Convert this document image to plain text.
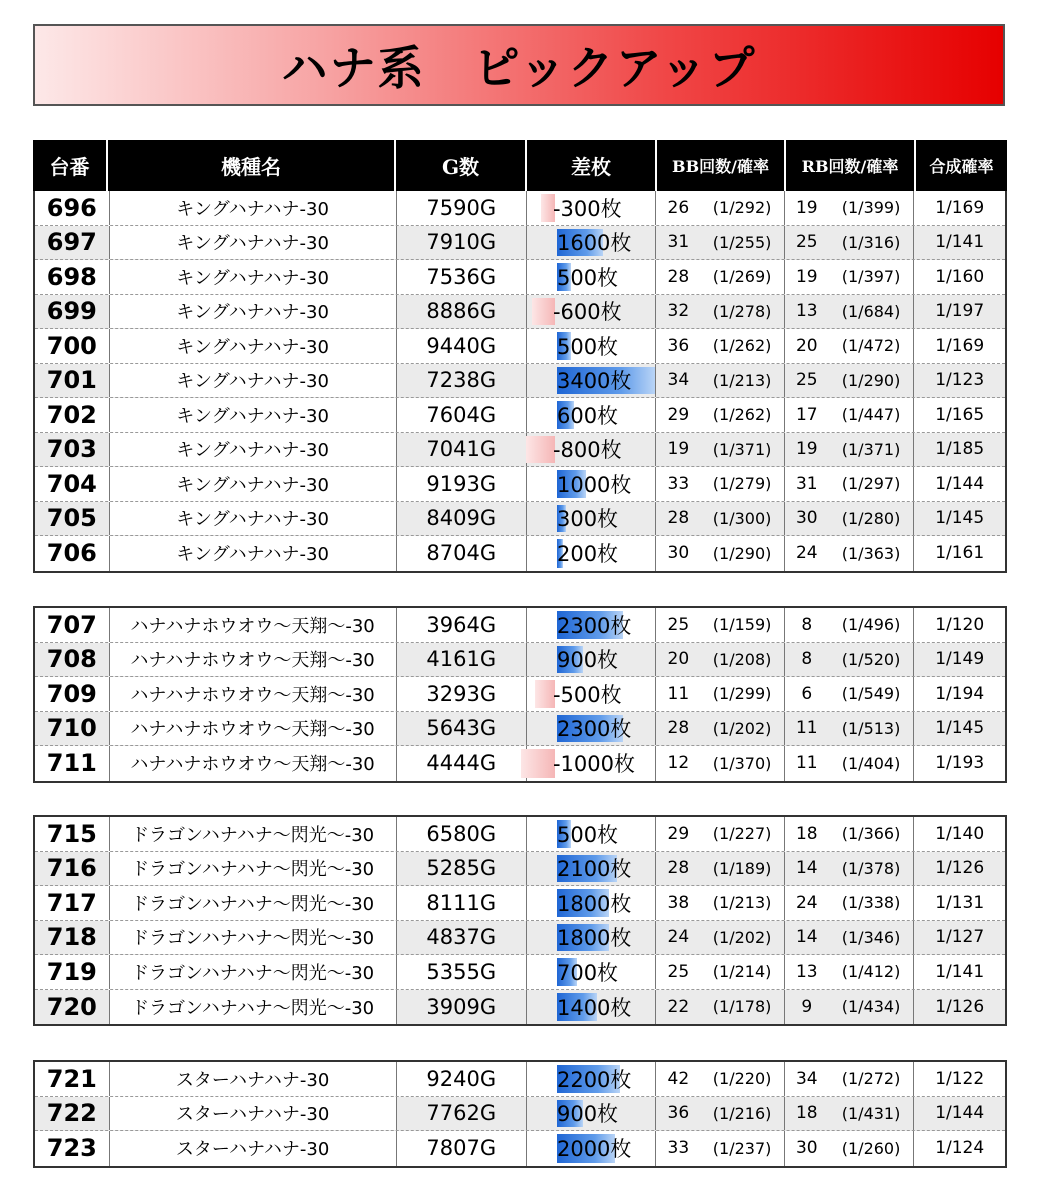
ハナ系　ピックアップ
台番	機種名	G数	差枚	BB回数/確率	RB回数/確率	合成確率
696	キングハナハナ-30	7590G	-300枚	26 (1/292) 19 (1/399) 1/169
697	キングハナハナ-30	7910G	1600枚 31 (1/255) 25 (1/316) 1/141
698	キングハナハナ-30	7536G	500枚	28 (1/269) 19 (1/397) 1/160
699	キングハナハナ-30	8886G	-600枚	32 (1/278) 13 (1/684) 1/197
700	キングハナハナ-30	9440G	500枚	36 (1/262) 20 (1/472) 1/169
701	キングハナハナ-30	7238G	3400枚 34 (1/213) 25 (1/290) 1/123
702	キングハナハナ-30	7604G	600枚	29 (1/262) 17 (1/447) 1/165
703	キングハナハナ-30	7041G	-800枚	19 (1/371) 19 (1/371) 1/185
704	キングハナハナ-30	9193G	1000枚 33 (1/279) 31 (1/297) 1/144
705	キングハナハナ-30	8409G	300枚	28 (1/300) 30 (1/280) 1/145
706	キングハナハナ-30	8704G	200枚	30 (1/290) 24 (1/363) 1/161
707 ハナハナホウオウ〜天翔〜-30 3964G	2300枚 25 (1/159) 8 (1/496) 1/120
708 ハナハナホウオウ〜天翔〜-30 4161G	900枚	20 (1/208) 8 (1/520) 1/149
709 ハナハナホウオウ〜天翔〜-30 3293G	-500枚	11 (1/299) 6 (1/549) 1/194
710 ハナハナホウオウ〜天翔〜-30 5643G	2300枚 28 (1/202) 11 (1/513) 1/145
711 ハナハナホウオウ〜天翔〜-30 4444G	-1000枚 12 (1/370) 11 (1/404) 1/193
715 ドラゴンハナハナ〜閃光〜-30 6580G	500枚	29 (1/227) 18 (1/366) 1/140
716 ドラゴンハナハナ〜閃光〜-30 5285G	2100枚 28 (1/189) 14 (1/378) 1/126
717 ドラゴンハナハナ〜閃光〜-30 8111G	1800枚 38 (1/213) 24 (1/338) 1/131
718 ドラゴンハナハナ〜閃光〜-30 4837G	1800枚 24 (1/202) 14 (1/346) 1/127
719 ドラゴンハナハナ〜閃光〜-30 5355G	700枚	25 (1/214) 13 (1/412) 1/141
720 ドラゴンハナハナ〜閃光〜-30 3909G	1400枚 22 (1/178) 9 (1/434) 1/126
721	スターハナハナ-30	9240G	2200枚 42 (1/220) 34 (1/272) 1/122
722	スターハナハナ-30	7762G	900枚	36 (1/216) 18 (1/431) 1/144
723	スターハナハナ-30	7807G	2000枚 33 (1/237) 30 (1/260) 1/124
